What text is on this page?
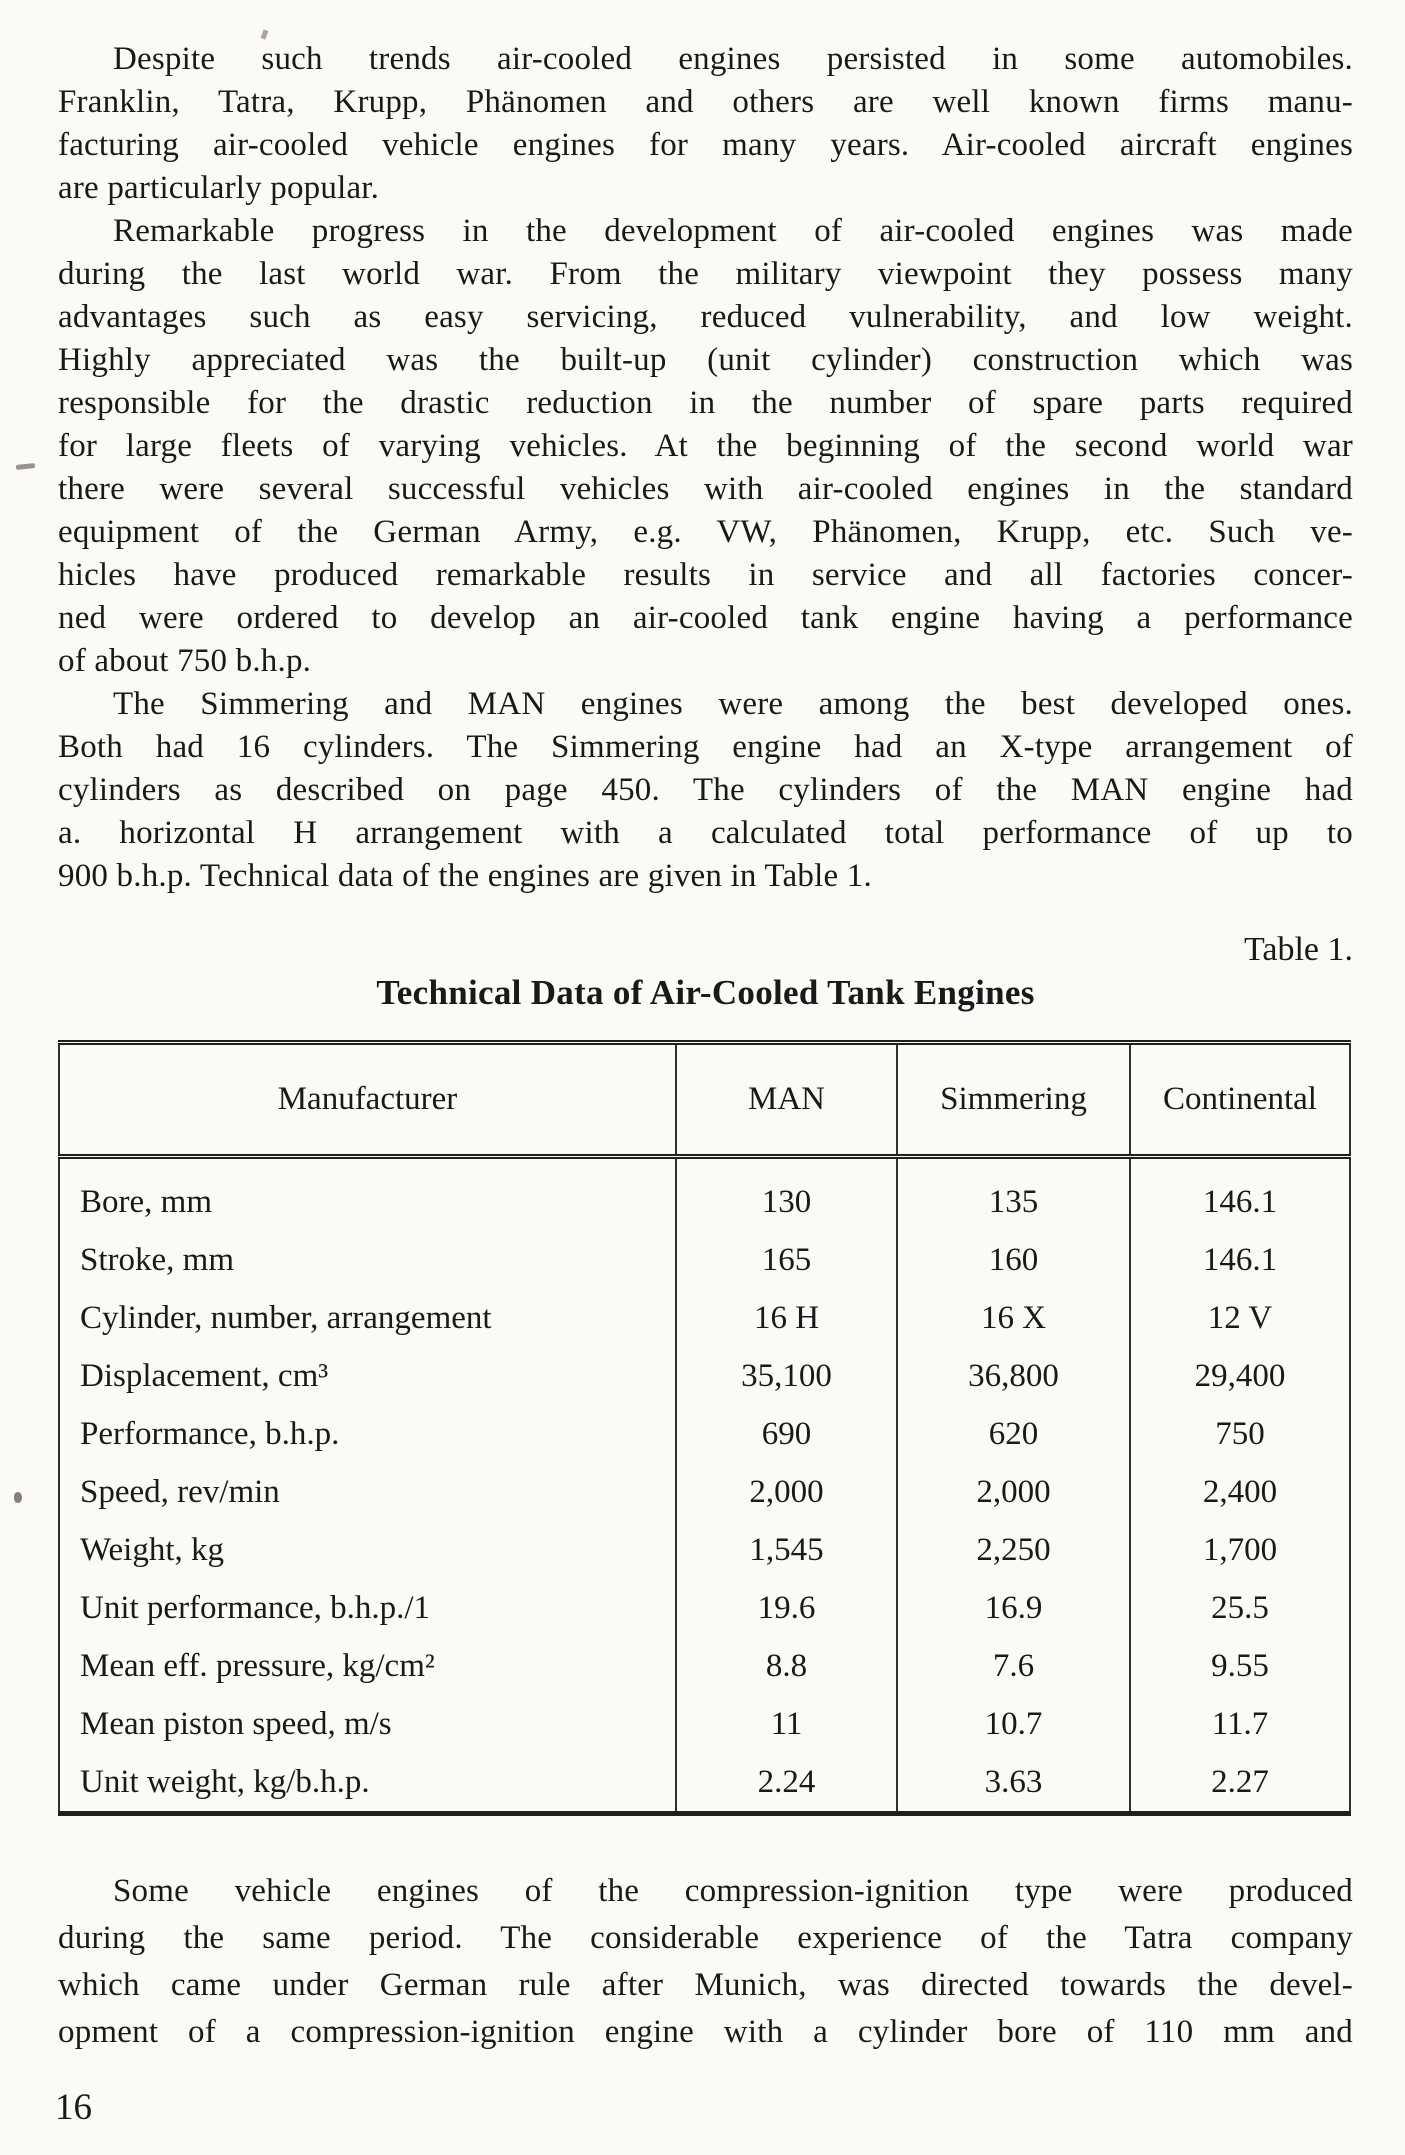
Despite such trends air-cooled engines persisted in some automobiles.
Franklin, Tatra, Krupp, Phänomen and others are well known firms manu-
facturing air-cooled vehicle engines for many years. Air-cooled aircraft engines
are particularly popular.
Remarkable progress in the development of air-cooled engines was made
during the last world war. From the military viewpoint they possess many
advantages such as easy servicing, reduced vulnerability, and low weight.
Highly appreciated was the built-up (unit cylinder) construction which was
responsible for the drastic reduction in the number of spare parts required
for large fleets of varying vehicles. At the beginning of the second world war
there were several successful vehicles with air-cooled engines in the standard
equipment of the German Army, e.g. VW, Phänomen, Krupp, etc. Such ve-
hicles have produced remarkable results in service and all factories concer-
ned were ordered to develop an air-cooled tank engine having a performance
of about 750 b.h.p.
The Simmering and MAN engines were among the best developed ones.
Both had 16 cylinders. The Simmering engine had an X-type arrangement of
cylinders as described on page 450. The cylinders of the MAN engine had
a. horizontal H arrangement with a calculated total performance of up to
900 b.h.p. Technical data of the engines are given in Table 1.
Table 1.
Technical Data of Air-Cooled Tank Engines
Manufacturer	MAN	Simmering	Continental
Bore, mm	130	135	146.1
Stroke, mm	165	160	146.1
Cylinder, number, arrangement	16 H	16 X	12 V
Displacement, cm³	35,100	36,800	29,400
Performance, b.h.p.	690	620	750
Speed, rev/min	2,000	2,000	2,400
Weight, kg	1,545	2,250	1,700
Unit performance, b.h.p./1	19.6	16.9	25.5
Mean eff. pressure, kg/cm²	8.8	7.6	9.55
Mean piston speed, m/s	11	10.7	11.7
Unit weight, kg/b.h.p.	2.24	3.63	2.27
Some vehicle engines of the compression-ignition type were produced
during the same period. The considerable experience of the Tatra company
which came under German rule after Munich, was directed towards the devel-
opment of a compression-ignition engine with a cylinder bore of 110 mm and
16
